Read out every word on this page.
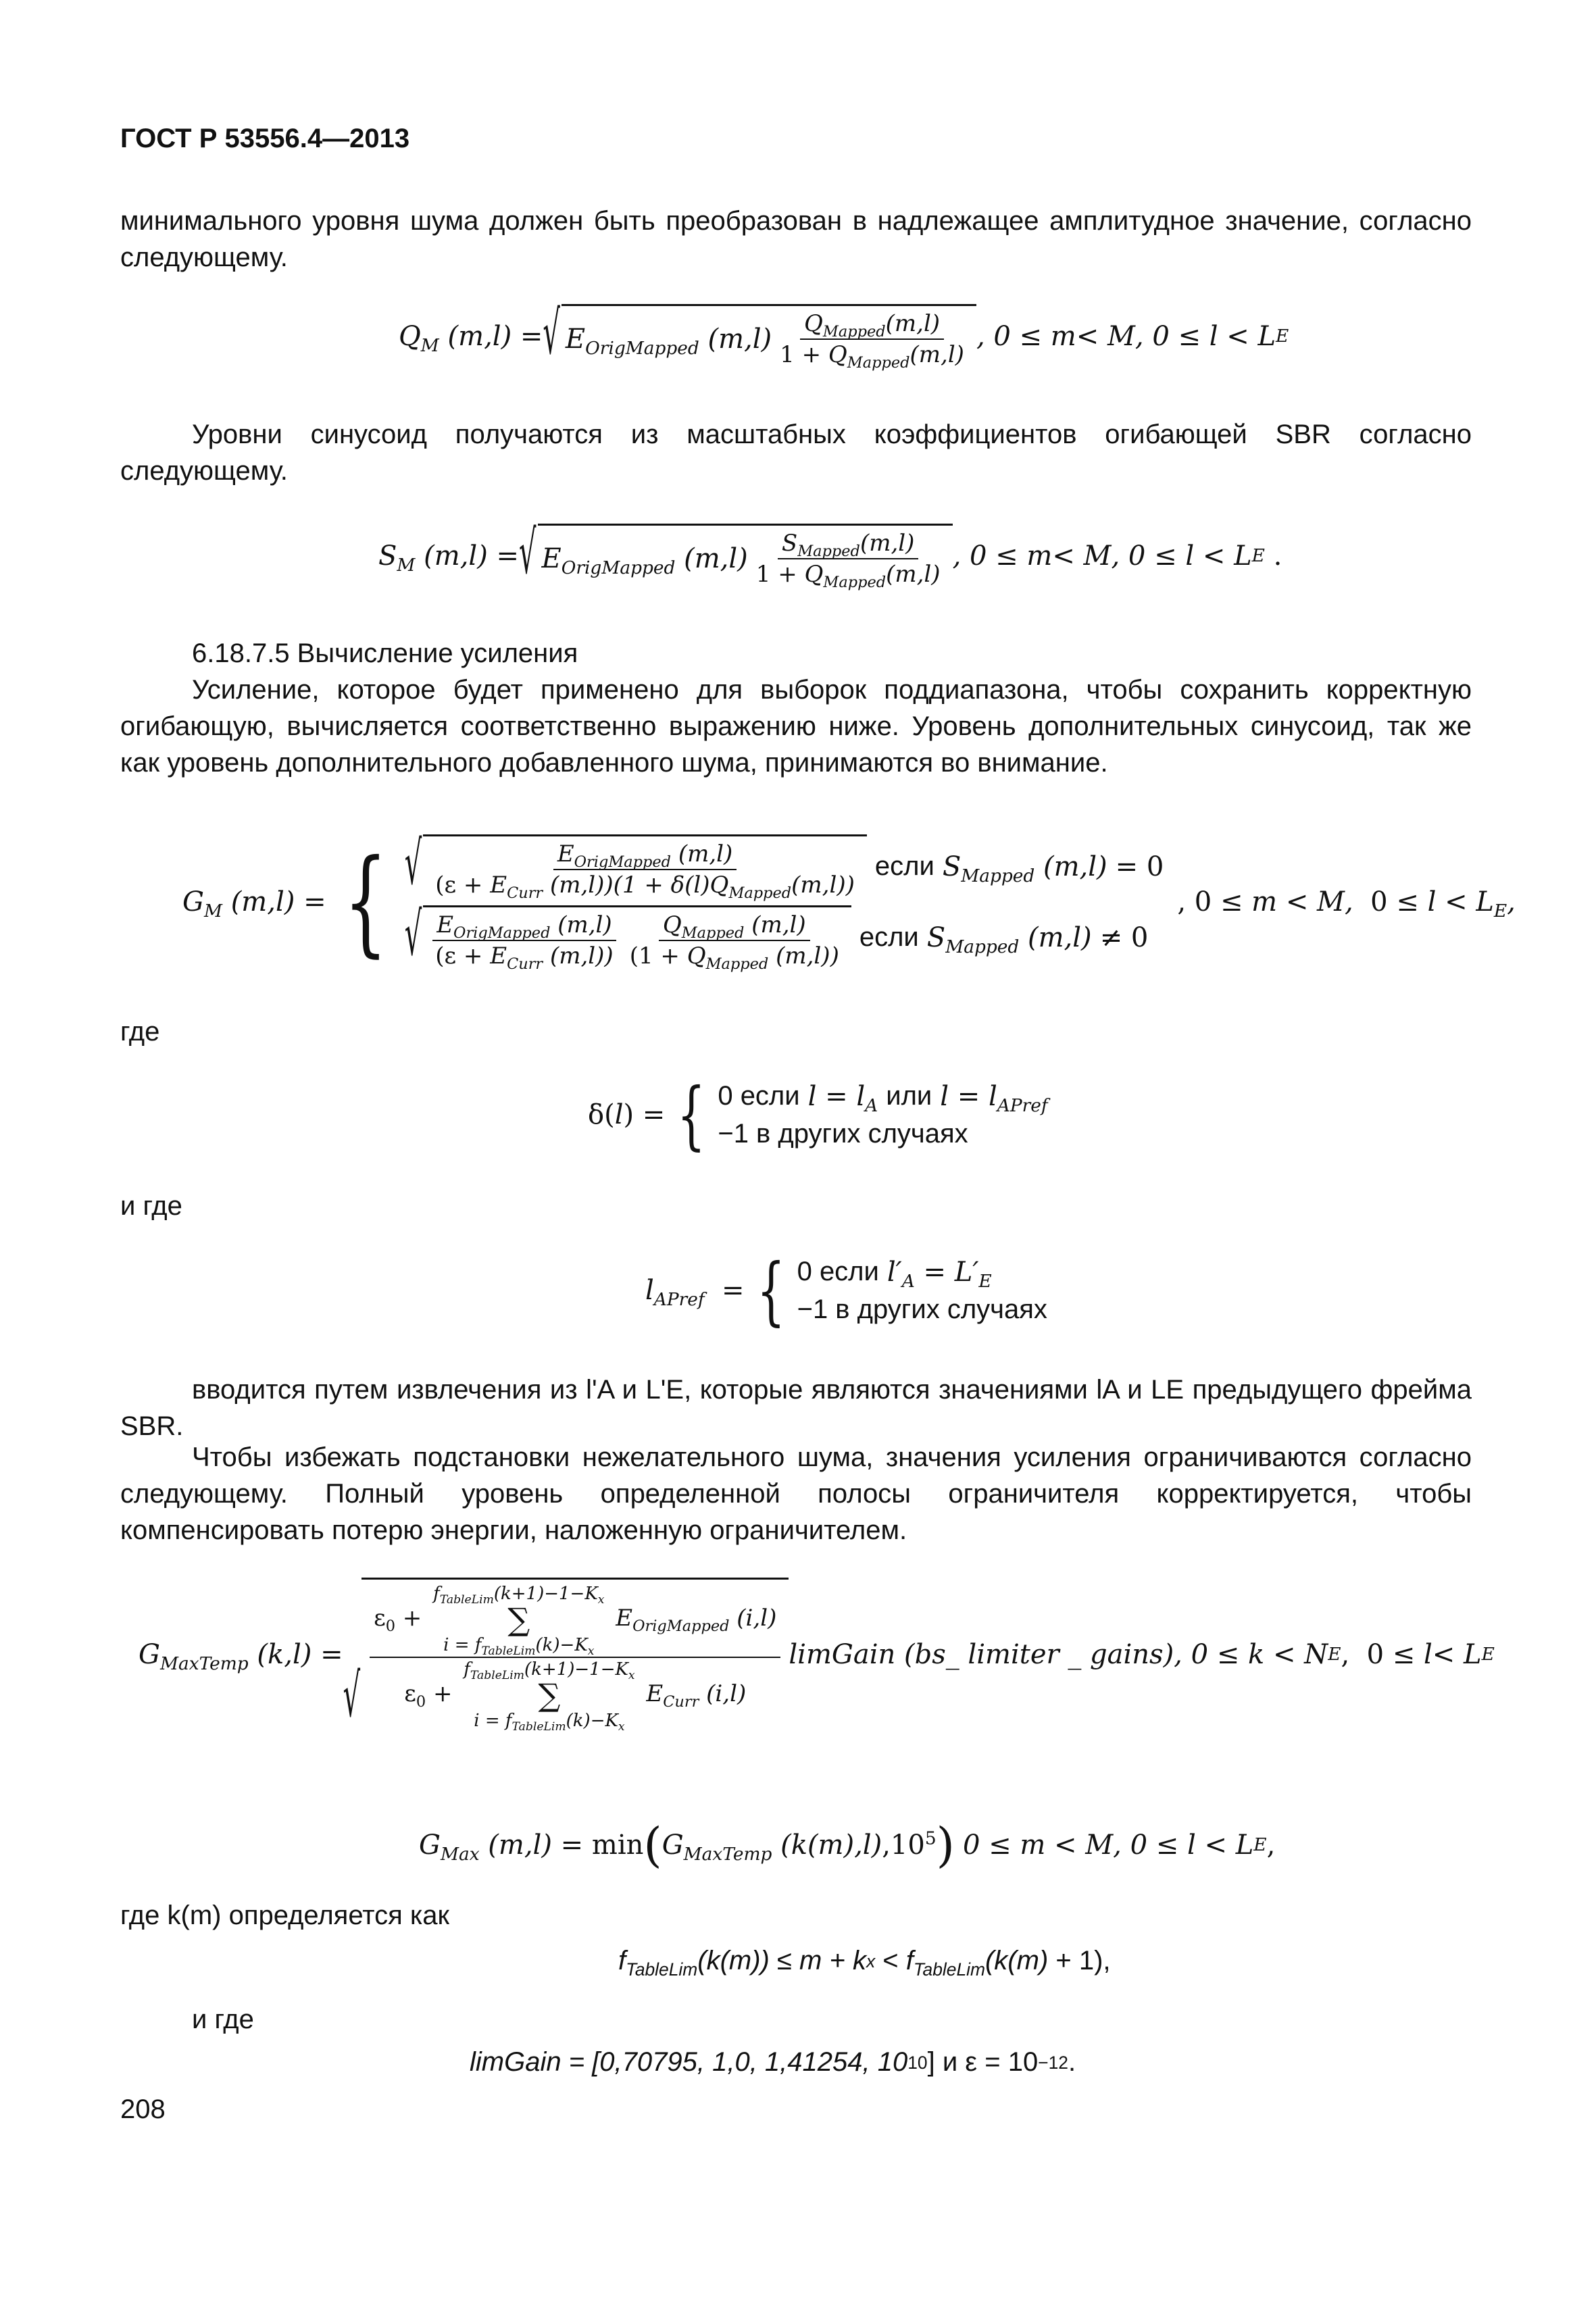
ГОСТ Р 53556.4—2013
минимального уровня шума должен быть преобразован в надлежащее амплитудное значение, согласно следующему.
$Q_M$ (m,l) = √ $E_{OrigMapped}$ $(m,l) \frac{Q_{Mapped}(m,l)}{1 + Q_{Mapped}(m,l)}$ , 0 ≤ m< M, 0 ≤ l < L E
Уровни синусоид получаются из масштабных коэффициентов огибающей SBR согласно следующему.
$S_M$ (m,l) = √ $E_{OrigMapped}$ $(m,l) \frac{S_{Mapped}(m,l)}{1 + Q_{Mapped}(m,l)}$ , 0 ≤ m< M, 0 ≤ l < L E .
6.18.7.5 Вычисление усиления
Усиление, которое будет применено для выборок поддиапазона, чтобы сохранить корректную огибающую, вычисляется соответственно выражению ниже. Уровень дополнительных синусоид, так же как уровень дополнительного добавленного шума, принимаются во внимание.
$G_M$ (m,l) = { √ $\frac{E_{OrigMapped} (m,l)}{(\varepsilon + E_{Curr} (m,l))(1 + \delta(l)Q_{Mapped}(m,l))}$ если $S_{Mapped}$ (m,l) = 0
√ $\frac{E_{OrigMapped} (m,l)}{(\varepsilon + E_{Curr} (m,l))} \frac{Q_{Mapped} (m,l)}{(1 + Q_{Mapped} (m,l))}$ если $S_{Mapped}$ (m,l) ≠ 0
, 0 ≤ m < M,  $0 \le l < L_E$,
где
δ( l ) = { 0 если $l = l_A$ или $l = l_{APref}$
−1 в других случаях
и где
$l_{APref}$  = { 0 если $l'_A = L'_E$
−1 в других случаях
вводится путем извлечения из l'A и L'E, которые являются значениями lA и LE предыдущего фрейма SBR.
Чтобы избежать подстановки нежелательного шума, значения усиления ограничиваются согласно следующему. Полный уровень определенной полосы ограничителя корректируется, чтобы компенсировать потерю энергии, наложенную ограничителем.
$G_{MaxTemp}$ (k,l) =
√
$\varepsilon_0$ +
$f_{TableLim}(k+1)-1-K_x$
∑
$i = f_{TableLim}(k)-K_x$
$E_{OrigMapped}$ (i,l)
$\varepsilon_0$ +
$f_{TableLim}(k+1)-1-K_x$
∑
$i = f_{TableLim}(k)-K_x$
$E_{Curr}$ (i,l)
limGain (bs_ limiter _ gains), 0 ≤ k < N E ,  0 ≤ l < L E
$G_{Max}$ (m,l) = min ( $G_{MaxTemp}$ $(k(m),l),10^5$ ) 0 ≤ m < M, 0 ≤ l < L E ,
где k(m) определяется как
$f_{TableLim}$ (k(m)) ≤ m + k $x < f_{TableLim}(k(m) + 1)$,
и где
limGain = [0,70795, 1,0, 1,41254, 10 10 ] и ε = 10 −12 .
208
